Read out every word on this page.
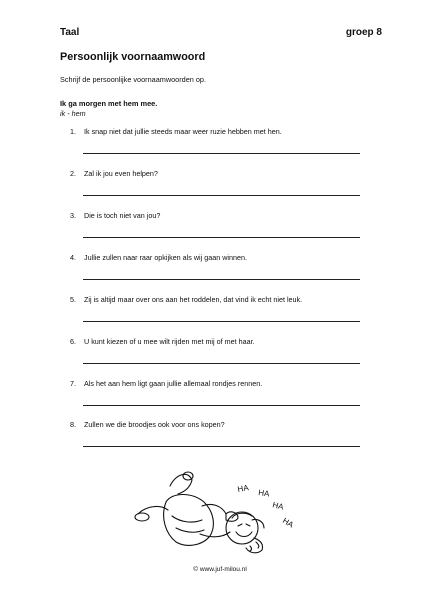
Taal	groep 8
Persoonlijk voornaamwoord
Schrijf de persoonlijke voornaamwoorden op.
Ik ga morgen met hem mee.
ik - hem
1. Ik snap niet dat jullie steeds maar weer ruzie hebben met hen.
2. Zal ik jou even helpen?
3. Die is toch niet van jou?
4. Jullie zullen naar raar opkijken als wij gaan winnen.
5. Zij is altijd maar over ons aan het roddelen, dat vind ik echt niet leuk.
6. U kunt kiezen of u mee wilt rijden met mij of met haar.
7. Als het aan hem ligt gaan jullie allemaal rondjes rennen.
8. Zullen we die broodjes ook voor ons kopen?
HA HA
HA
HA
© www.juf-milou.nl
